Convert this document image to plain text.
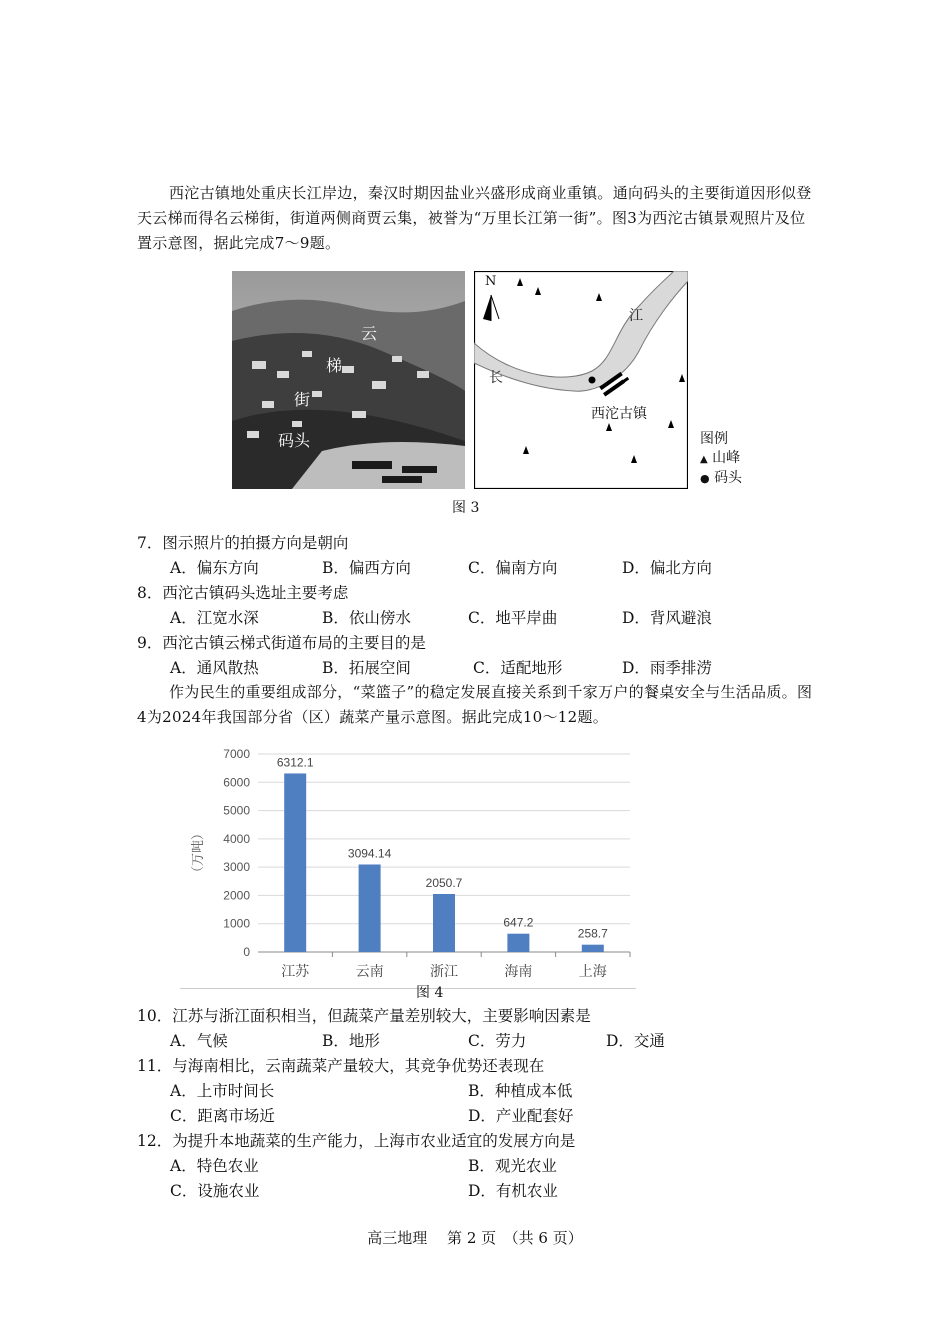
西沱古镇地处重庆长江岸边，秦汉时期因盐业兴盛形成商业重镇。通向码头的主要街道因形似登天云梯而得名云梯街，街道两侧商贾云集，被誉为“万里长江第一街”。图3为西沱古镇景观照片及位置示意图，据此完成7～9题。
云
梯
街
码头
N
江
长
西沱古镇
图例
▲ 山峰
● 码头
图 3
7．图示照片的拍摄方向是朝向
A．偏东方向	B．偏西方向	C．偏南方向	D．偏北方向
8．西沱古镇码头选址主要考虑
A．江宽水深	B．依山傍水	C．地平岸曲	D．背风避浪
9．西沱古镇云梯式街道布局的主要目的是
A．通风散热	B．拓展空间	C．适配地形	D．雨季排涝
作为民生的重要组成部分，“菜篮子”的稳定发展直接关系到千家万户的餐桌安全与生活品质。图4为2024年我国部分省（区）蔬菜产量示意图。据此完成10～12题。
0
1000
2000
3000
4000
5000
6000
7000
（万吨）
6312.1
江苏
3094.14
云南
2050.7
浙江
647.2
海南
258.7
上海
图 4
10．江苏与浙江面积相当，但蔬菜产量差别较大，主要影响因素是
A．气候	B．地形	C．劳力	D．交通
11．与海南相比，云南蔬菜产量较大，其竞争优势还表现在
A．上市时间长	B．种植成本低
C．距离市场近	D．产业配套好
12．为提升本地蔬菜的生产能力，上海市农业适宜的发展方向是
A．特色农业	B．观光农业
C．设施农业	D．有机农业
高三地理　 第 2 页　（共 6 页）
